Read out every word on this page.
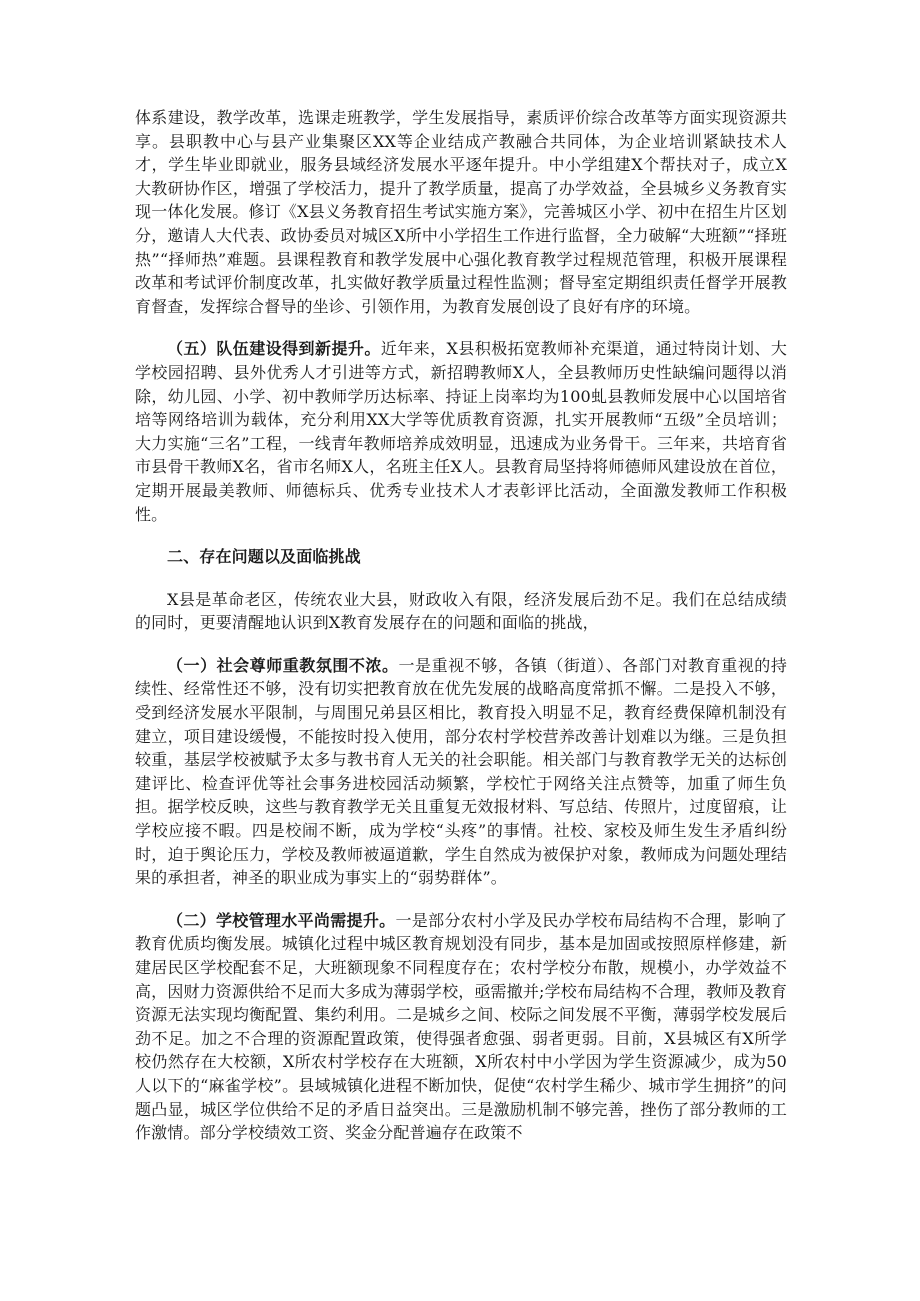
体系建设，教学改革，选课走班教学，学生发展指导，素质评价综合改革等方面实现资源共享。县职教中心与县产业集聚区XX等企业结成产教融合共同体，为企业培训紧缺技术人才，学生毕业即就业，服务县域经济发展水平逐年提升。中小学组建X个帮扶对子，成立X大教研协作区，增强了学校活力，提升了教学质量，提高了办学效益，全县城乡义务教育实现一体化发展。修订《X县义务教育招生考试实施方案》，完善城区小学、初中在招生片区划分，邀请人大代表、政协委员对城区X所中小学招生工作进行监督，全力破解“大班额”“择班热”“择师热”难题。县课程教育和教学发展中心强化教育教学过程规范管理，积极开展课程改革和考试评价制度改革，扎实做好教学质量过程性监测；督导室定期组织责任督学开展教育督查，发挥综合督导的坐诊、引领作用，为教育发展创设了良好有序的环境。

（五）队伍建设得到新提升。近年来，X县积极拓宽教师补充渠道，通过特岗计划、大学校园招聘、县外优秀人才引进等方式，新招聘教师X人，全县教师历史性缺编问题得以消除，幼儿园、小学、初中教师学历达标率、持证上岗率均为100虬县教师发展中心以国培省培等网络培训为载体，充分利用XX大学等优质教育资源，扎实开展教师“五级”全员培训；大力实施“三名”工程，一线青年教师培养成效明显，迅速成为业务骨干。三年来，共培育省市县骨干教师X名，省市名师X人，名班主任X人。县教育局坚持将师德师风建设放在首位，定期开展最美教师、师德标兵、优秀专业技术人才表彰评比活动，全面激发教师工作积极性。

二、存在问题以及面临挑战

X县是革命老区，传统农业大县，财政收入有限，经济发展后劲不足。我们在总结成绩的同时，更要清醒地认识到X教育发展存在的问题和面临的挑战，

（一）社会尊师重教氛围不浓。一是重视不够，各镇（街道）、各部门对教育重视的持续性、经常性还不够，没有切实把教育放在优先发展的战略高度常抓不懈。二是投入不够，受到经济发展水平限制，与周围兄弟县区相比，教育投入明显不足，教育经费保障机制没有建立，项目建设缓慢，不能按时投入使用，部分农村学校营养改善计划难以为继。三是负担较重，基层学校被赋予太多与教书育人无关的社会职能。相关部门与教育教学无关的达标创建评比、检查评优等社会事务进校园活动频繁，学校忙于网络关注点赞等，加重了师生负担。据学校反映，这些与教育教学无关且重复无效报材料、写总结、传照片，过度留痕，让学校应接不暇。四是校闹不断，成为学校“头疼”的事情。社校、家校及师生发生矛盾纠纷时，迫于舆论压力，学校及教师被逼道歉，学生自然成为被保护对象，教师成为问题处理结果的承担者，神圣的职业成为事实上的“弱势群体”。

（二）学校管理水平尚需提升。一是部分农村小学及民办学校布局结构不合理，影响了教育优质均衡发展。城镇化过程中城区教育规划没有同步，基本是加固或按照原样修建，新建居民区学校配套不足，大班额现象不同程度存在；农村学校分布散，规模小，办学效益不高，因财力资源供给不足而大多成为薄弱学校，亟需撤并;学校布局结构不合理，教师及教育资源无法实现均衡配置、集约利用。二是城乡之间、校际之间发展不平衡，薄弱学校发展后劲不足。加之不合理的资源配置政策，使得强者愈强、弱者更弱。目前，X县城区有X所学校仍然存在大校额，X所农村学校存在大班额，X所农村中小学因为学生资源减少，成为50人以下的“麻雀学校”。县域城镇化进程不断加快，促使“农村学生稀少、城市学生拥挤”的问题凸显，城区学位供给不足的矛盾日益突出。三是激励机制不够完善，挫伤了部分教师的工作激情。部分学校绩效工资、奖金分配普遍存在政策不
